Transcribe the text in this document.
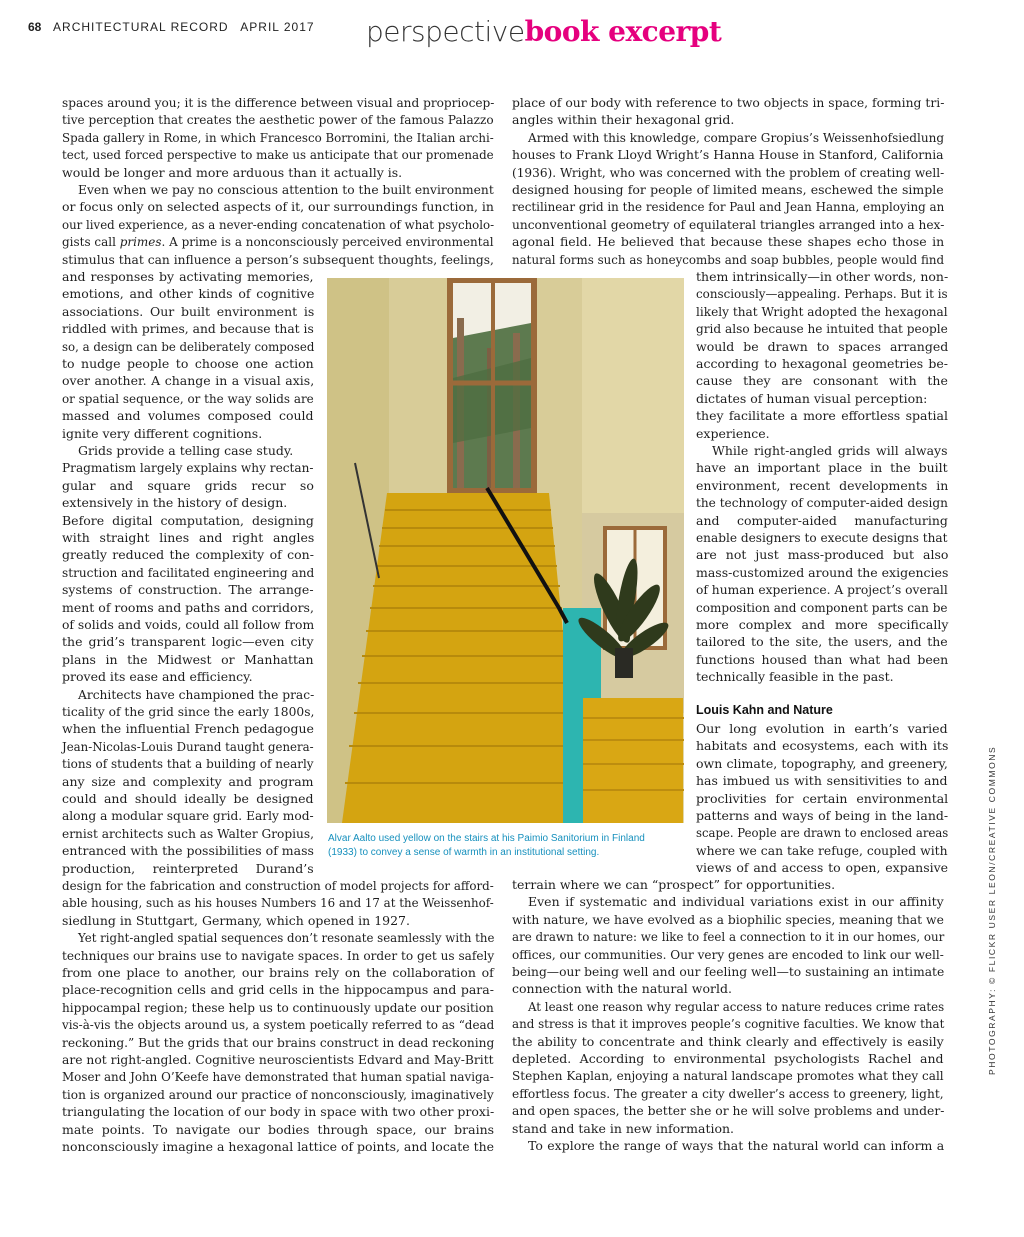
68 ARCHITECTURAL RECORD APRIL 2017 perspectivebook excerpt
Alvar Aalto used yellow on the stairs at his Paimio Sanitorium in Finland
(1933) to convey a sense of warmth in an institutional setting.	PHOTOGRAPHY: © FLICKR USER LEON/CREATIVE COMMONS
spaces around you; it is the difference between visual and propriocep-
tive perception that creates the aesthetic power of the famous Palazzo
Spada gallery in Rome, in which Francesco Borromini, the Italian archi-
tect, used forced perspective to make us anticipate that our promenade
would be longer and more arduous than it actually is.
Even when we pay no conscious attention to the built environment
or focus only on selected aspects of it, our surroundings function, in
our lived experience, as a never-ending concatenation of what psycholo-
gists call primes. A prime is a nonconsciously perceived environmental
stimulus that can influence a person’s subsequent thoughts, feelings,
and responses by activating memories,
emotions, and other kinds of cognitive
associations. Our built environment is
riddled with primes, and because that is
so, a design can be deliberately composed
to nudge people to choose one action
over another. A change in a visual axis,
or spatial sequence, or the way solids are
massed and volumes composed could
ignite very different cognitions.
Grids provide a telling case study.
Pragmatism largely explains why rectan-
gular and square grids recur so
extensively in the history of design.
Before digital computation, designing
with straight lines and right angles
greatly reduced the complexity of con-
struction and facilitated engineering and
systems of construction. The arrange-
ment of rooms and paths and corridors,
of solids and voids, could all follow from
the grid’s transparent logic—even city
plans in the Midwest or Manhattan
proved its ease and efficiency.
Architects have championed the prac-
ticality of the grid since the early 1800s,
when the influential French pedagogue
Jean-Nicolas-Louis Durand taught genera-
tions of students that a building of nearly
any size and complexity and program
could and should ideally be designed
along a modular square grid. Early mod-
ernist architects such as Walter Gropius,
entranced with the possibilities of mass
production, reinterpreted Durand’s
design for the fabrication and construction of model projects for afford-
able housing, such as his houses Numbers 16 and 17 at the Weissenhof-
siedlung in Stuttgart, Germany, which opened in 1927.
Yet right-angled spatial sequences don’t resonate seamlessly with the
techniques our brains use to navigate spaces. In order to get us safely
from one place to another, our brains rely on the collaboration of
place-recognition cells and grid cells in the hippocampus and para-
hippocampal region; these help us to continuously update our position
vis-à-vis the objects around us, a system poetically referred to as “dead
reckoning.” But the grids that our brains construct in dead reckoning
are not right-angled. Cognitive neuroscientists Edvard and May-Britt
Moser and John O’Keefe have demonstrated that human spatial naviga-
tion is organized around our practice of nonconsciously, imaginatively
triangulating the location of our body in space with two other proxi-
mate points. To navigate our bodies through space, our brains
nonconsciously imagine a hexagonal lattice of points, and locate the
place of our body with reference to two objects in space, forming tri-
angles within their hexagonal grid.
Armed with this knowledge, compare Gropius’s Weissenhofsiedlung
houses to Frank Lloyd Wright’s Hanna House in Stanford, California
(1936). Wright, who was concerned with the problem of creating well-
designed housing for people of limited means, eschewed the simple
rectilinear grid in the residence for Paul and Jean Hanna, employing an
unconventional geometry of equilateral triangles arranged into a hex-
agonal field. He believed that because these shapes echo those in
natural forms such as honeycombs and soap bubbles, people would find
them intrinsically—in other words, non-
consciously—appealing. Perhaps. But it is
likely that Wright adopted the hexagonal
grid also because he intuited that people
would be drawn to spaces arranged
according to hexagonal geometries be-
cause they are consonant with the
dictates of human visual perception:
they facilitate a more effortless spatial
experience.
While right-angled grids will always
have an important place in the built
environment, recent developments in
the technology of computer-aided design
and computer-aided manufacturing
enable designers to execute designs that
are not just mass-produced but also
mass-customized around the exigencies
of human experience. A project’s overall
composition and component parts can be
more complex and more specifically
tailored to the site, the users, and the
functions housed than what had been
technically feasible in the past.
Our long evolution in earth’s varied
habitats and ecosystems, each with its
own climate, topography, and greenery,
has imbued us with sensitivities to and
proclivities for certain environmental
patterns and ways of being in the land-
scape. People are drawn to enclosed areas
where we can take refuge, coupled with
views of and access to open, expansive
terrain where we can “prospect” for opportunities.
Even if systematic and individual variations exist in our affinity
with nature, we have evolved as a biophilic species, meaning that we
are drawn to nature: we like to feel a connection to it in our homes, our
offices, our communities. Our very genes are encoded to link our well-
being—our being well and our feeling well—to sustaining an intimate
connection with the natural world.
At least one reason why regular access to nature reduces crime rates
and stress is that it improves people’s cognitive faculties. We know that
the ability to concentrate and think clearly and effectively is easily
depleted. According to environmental psychologists Rachel and
Stephen Kaplan, enjoying a natural landscape promotes what they call
effortless focus. The greater a city dweller’s access to greenery, light,
and open spaces, the better she or he will solve problems and under-
stand and take in new information.
To explore the range of ways that the natural world can inform a
Louis Kahn and Nature
